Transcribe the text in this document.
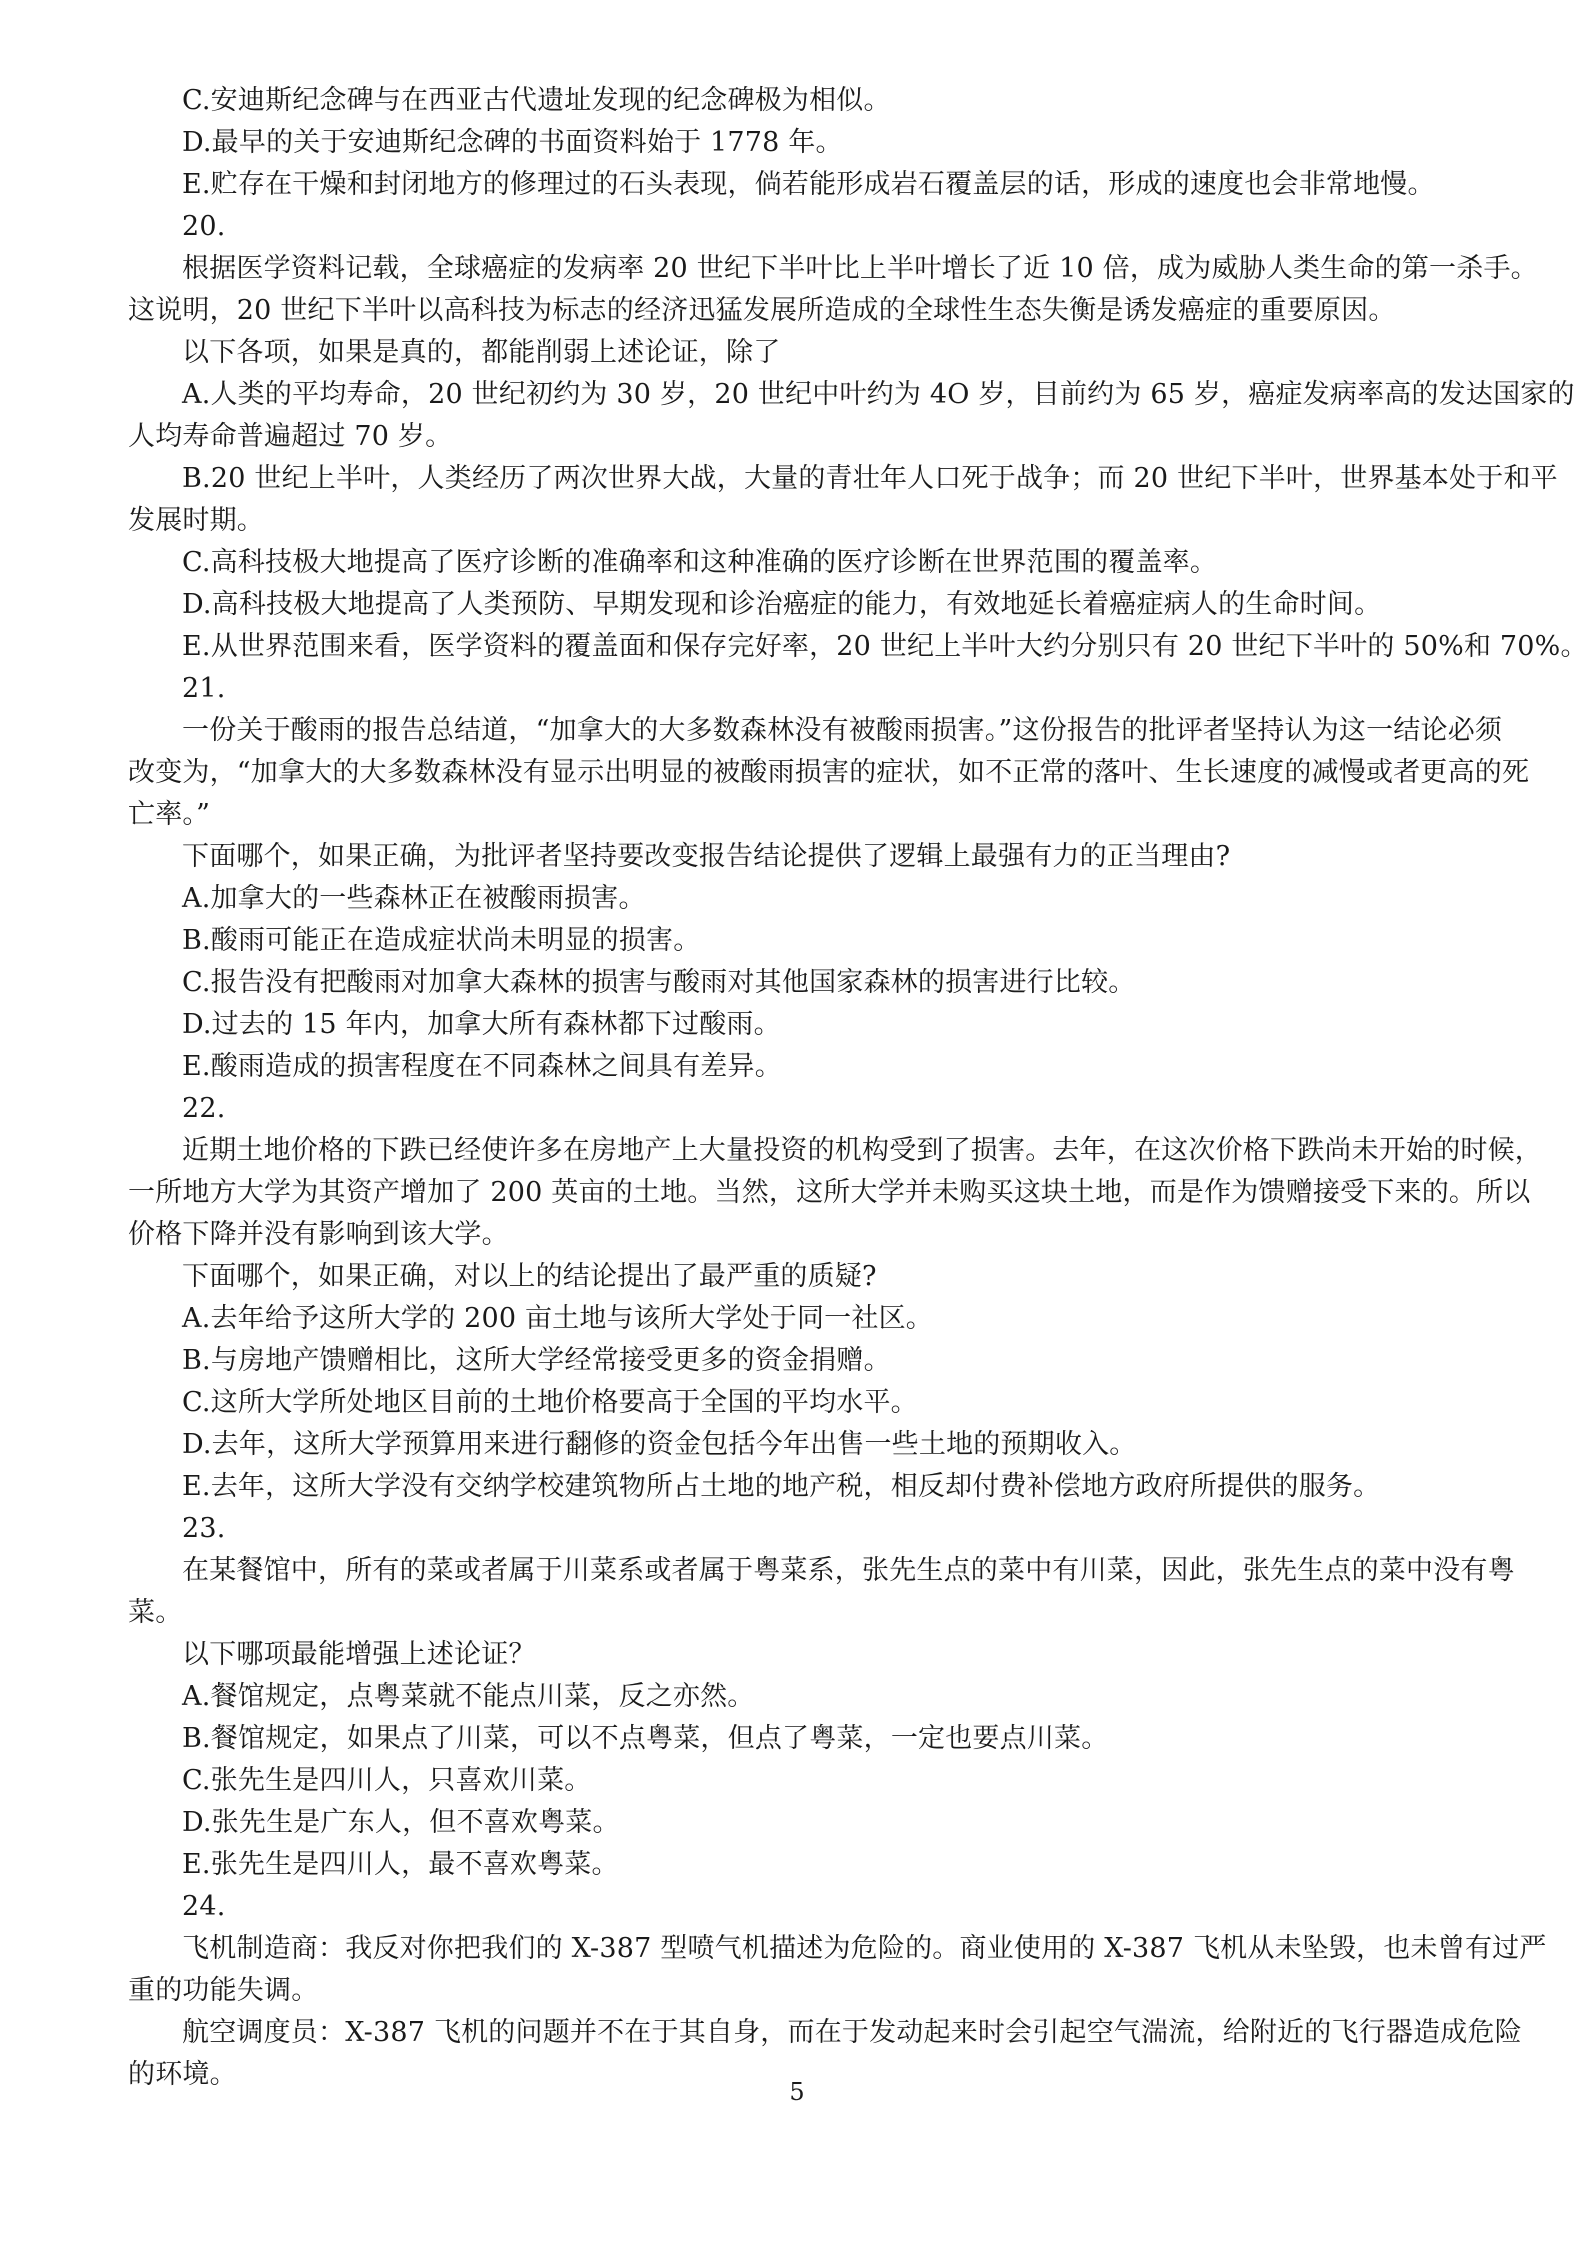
C.安迪斯纪念碑与在西亚古代遗址发现的纪念碑极为相似。
D.最早的关于安迪斯纪念碑的书面资料始于 1778 年。
E.贮存在干燥和封闭地方的修理过的石头表现，倘若能形成岩石覆盖层的话，形成的速度也会非常地慢。
20.
根据医学资料记载，全球癌症的发病率 20 世纪下半叶比上半叶增长了近 10 倍，成为威胁人类生命的第一杀手。
这说明，20 世纪下半叶以高科技为标志的经济迅猛发展所造成的全球性生态失衡是诱发癌症的重要原因。
以下各项，如果是真的，都能削弱上述论证，除了
A.人类的平均寿命，20 世纪初约为 30 岁，20 世纪中叶约为 4O 岁，目前约为 65 岁，癌症发病率高的发达国家的
人均寿命普遍超过 70 岁。
B.20 世纪上半叶，人类经历了两次世界大战，大量的青壮年人口死于战争；而 20 世纪下半叶，世界基本处于和平
发展时期。
C.高科技极大地提高了医疗诊断的准确率和这种准确的医疗诊断在世界范围的覆盖率。
D.高科技极大地提高了人类预防、早期发现和诊治癌症的能力，有效地延长着癌症病人的生命时间。
E.从世界范围来看，医学资料的覆盖面和保存完好率，20 世纪上半叶大约分别只有 20 世纪下半叶的 50%和 70%。
21.
一份关于酸雨的报告总结道，“加拿大的大多数森林没有被酸雨损害。”这份报告的批评者坚持认为这一结论必须
改变为，“加拿大的大多数森林没有显示出明显的被酸雨损害的症状，如不正常的落叶、生长速度的减慢或者更高的死
亡率。”
下面哪个，如果正确，为批评者坚持要改变报告结论提供了逻辑上最强有力的正当理由?
A.加拿大的一些森林正在被酸雨损害。
B.酸雨可能正在造成症状尚未明显的损害。
C.报告没有把酸雨对加拿大森林的损害与酸雨对其他国家森林的损害进行比较。
D.过去的 15 年内，加拿大所有森林都下过酸雨。
E.酸雨造成的损害程度在不同森林之间具有差异。
22.
近期土地价格的下跌已经使许多在房地产上大量投资的机构受到了损害。去年，在这次价格下跌尚未开始的时候，
一所地方大学为其资产增加了 200 英亩的土地。当然，这所大学并未购买这块土地，而是作为馈赠接受下来的。所以
价格下降并没有影响到该大学。
下面哪个，如果正确，对以上的结论提出了最严重的质疑?
A.去年给予这所大学的 200 亩土地与该所大学处于同一社区。
B.与房地产馈赠相比，这所大学经常接受更多的资金捐赠。
C.这所大学所处地区目前的土地价格要高于全国的平均水平。
D.去年，这所大学预算用来进行翻修的资金包括今年出售一些土地的预期收入。
E.去年，这所大学没有交纳学校建筑物所占土地的地产税，相反却付费补偿地方政府所提供的服务。
23.
在某餐馆中，所有的菜或者属于川菜系或者属于粤菜系，张先生点的菜中有川菜，因此，张先生点的菜中没有粤
菜。
以下哪项最能增强上述论证？
A.餐馆规定，点粤菜就不能点川菜，反之亦然。
B.餐馆规定，如果点了川菜，可以不点粤菜，但点了粤菜，一定也要点川菜。
C.张先生是四川人，只喜欢川菜。
D.张先生是广东人，但不喜欢粤菜。
E.张先生是四川人，最不喜欢粤菜。
24.
飞机制造商：我反对你把我们的 X-387 型喷气机描述为危险的。商业使用的 X-387 飞机从未坠毁，也未曾有过严
重的功能失调。
航空调度员：X-387 飞机的问题并不在于其自身，而在于发动起来时会引起空气湍流，给附近的飞行器造成危险
的环境。
5
